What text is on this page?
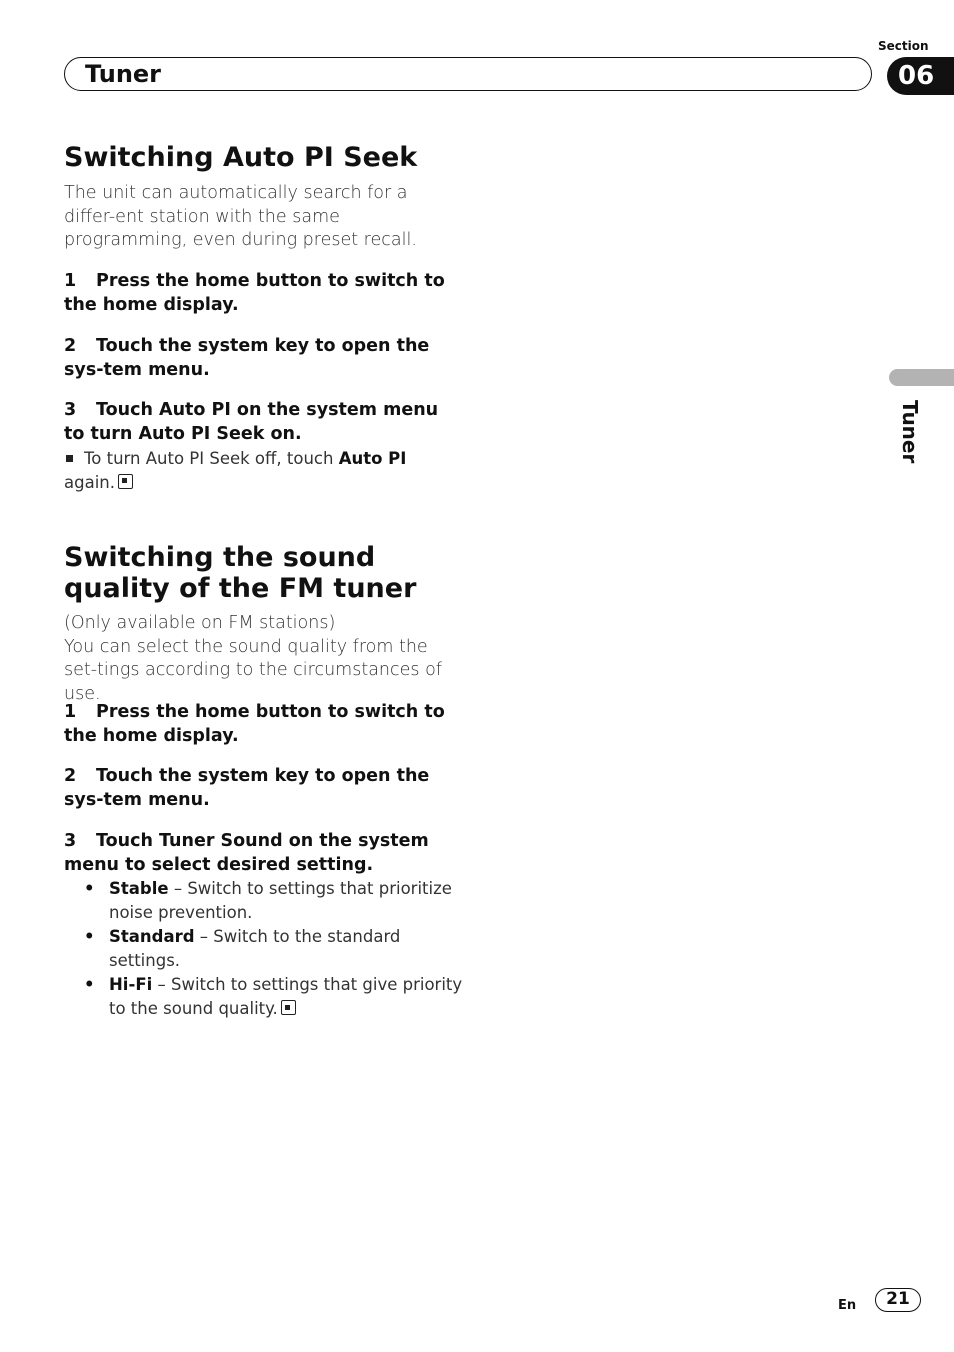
Section
Tuner	06
Tuner
Switching Auto PI Seek
The unit can automatically search for a differ-ent station with the same programming, even during preset recall.
1 Press the home button to switch to the home display.
2 Touch the system key to open the sys-tem menu.
3 Touch Auto PI on the system menu to turn Auto PI Seek on.
To turn Auto PI Seek off, touch Auto PI
again.
Switching the sound
quality of the FM tuner
(Only available on FM stations)
You can select the sound quality from the set-tings according to the circumstances of use.
1 Press the home button to switch to the home display.
2 Touch the system key to open the sys-tem menu.
3 Touch Tuner Sound on the system menu to select desired setting.
• Stable – Switch to settings that prioritize noise prevention.
• Standard – Switch to the standard settings.
• Hi-Fi – Switch to settings that give priority to the sound quality.
En	21
